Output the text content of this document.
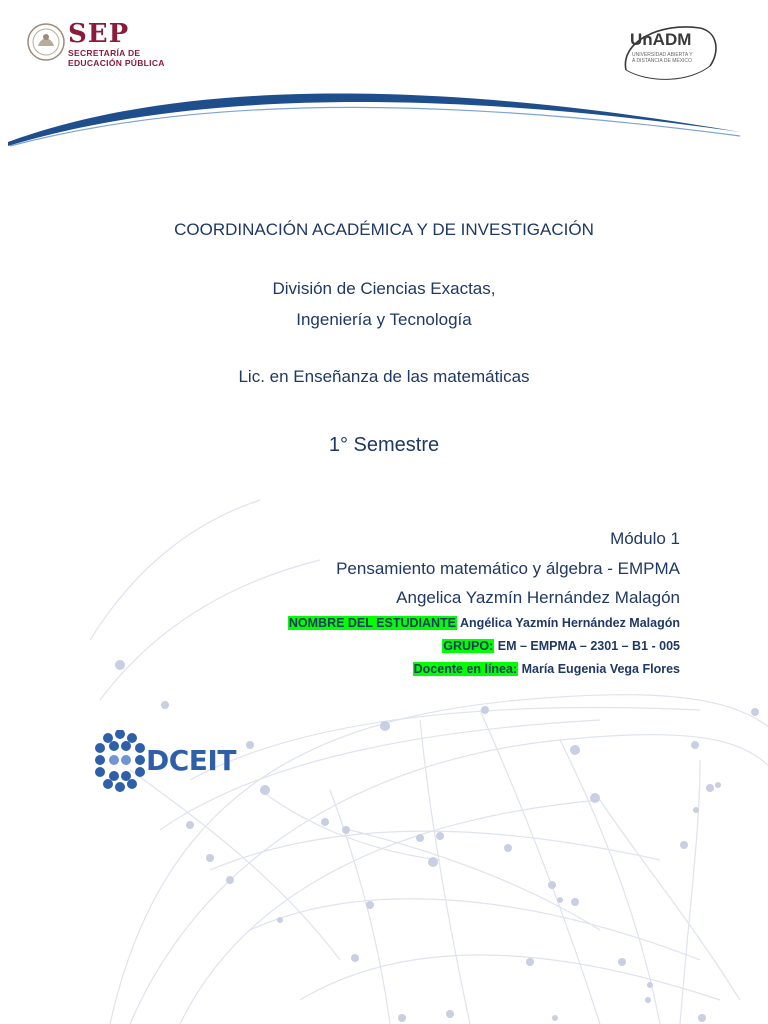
SEP
SECRETARÍA DE
EDUCACIÓN PÚBLICA
UnADM
UNIVERSIDAD ABIERTA Y
A DISTANCIA DE MÉXICO
COORDINACIÓN ACADÉMICA Y DE INVESTIGACIÓN
División de Ciencias Exactas,
Ingeniería y Tecnología
Lic. en Enseñanza de las matemáticas
1° Semestre
Módulo 1
Pensamiento matemático y álgebra - EMPMA
Angelica Yazmín Hernández Malagón
NOMBRE DEL ESTUDIANTE Angélica Yazmín Hernández Malagón
GRUPO: EM – EMPMA – 2301 – B1 - 005
Docente en línea: María Eugenia Vega Flores
DCEIT
